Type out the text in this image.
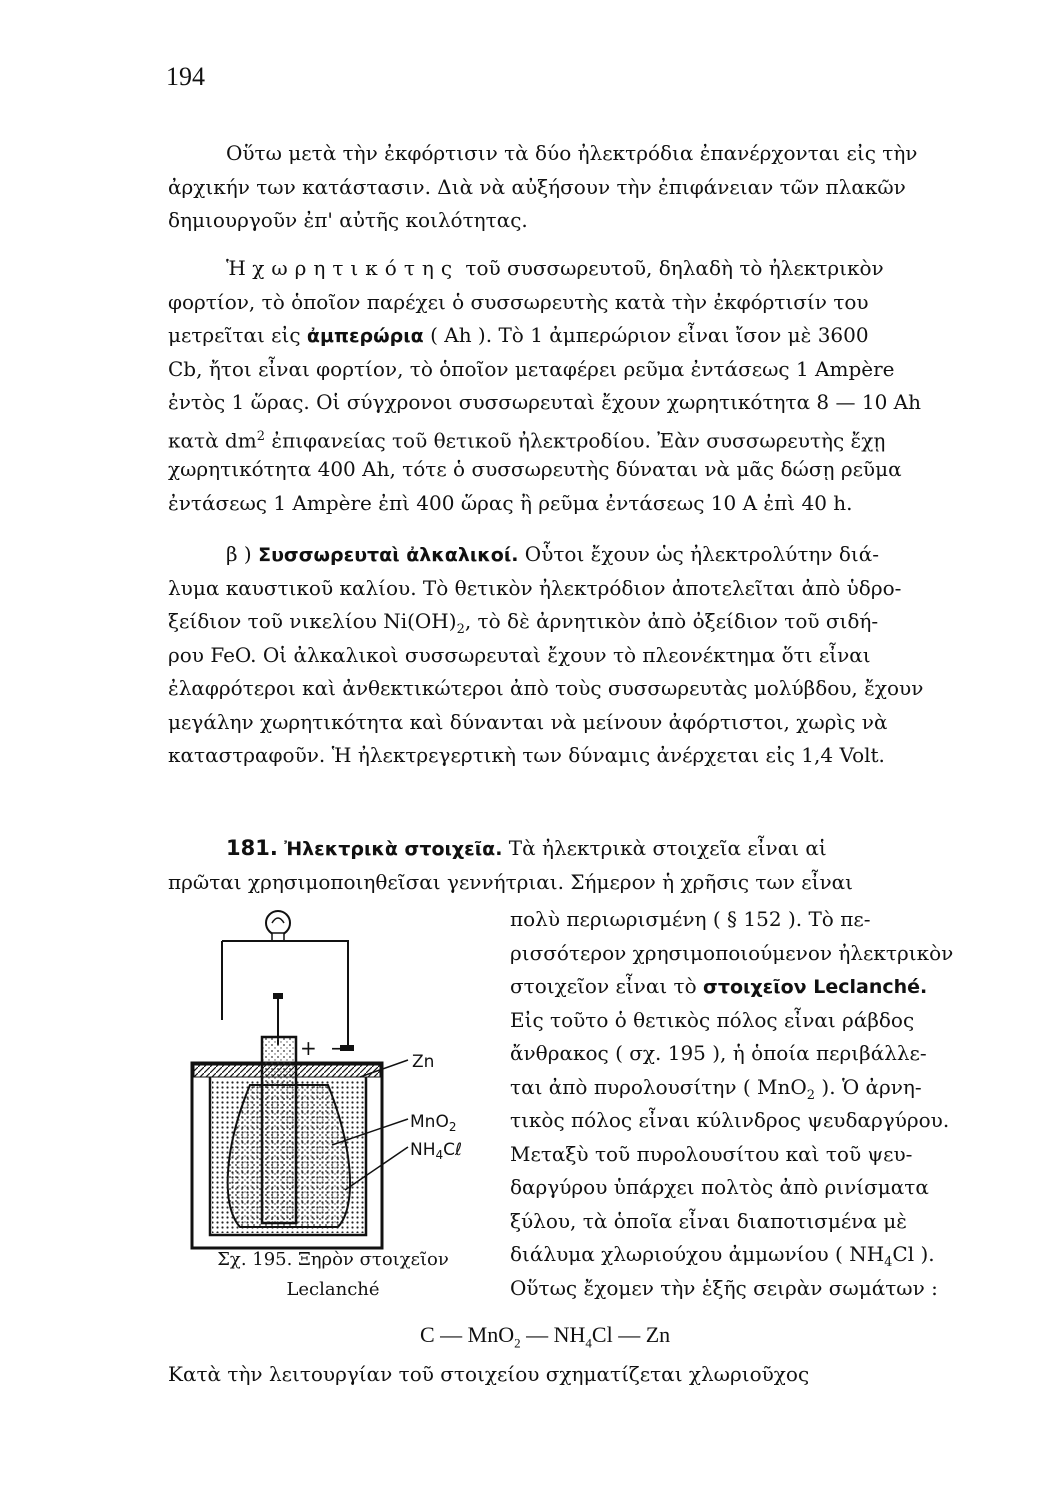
194
Οὕτω μετὰ τὴν ἐκφόρτισιν τὰ δύο ἠλεκτρόδια ἐπανέρχονται εἰς τὴν
ἀρχικήν των κατάστασιν. Διὰ νὰ αὐξήσουν τὴν ἐπιφάνειαν τῶν πλακῶν
δημιουργοῦν ἐπ' αὐτῆς κοιλότητας.
Ἡ χωρητικότης τοῦ συσσωρευτοῦ, δηλαδὴ τὸ ἠλεκτρικὸν
φορτίον, τὸ ὁποῖον παρέχει ὁ συσσωρευτὴς κατὰ τὴν ἐκφόρτισίν του
μετρεῖται εἰς ἀμπερώρια ( Ah ). Τὸ 1 ἀμπερώριον εἶναι ἴσον μὲ 3600
Cb, ἤτοι εἶναι φορτίον, τὸ ὁποῖον μεταφέρει ρεῦμα ἐντάσεως 1 Ampère
ἐντὸς 1 ὥρας. Οἱ σύγχρονοι συσσωρευταὶ ἔχουν χωρητικότητα 8 — 10 Ah
κατὰ $dm^2$ ἐπιφανείας τοῦ θετικοῦ ἠλεκτροδίου. Ἐὰν συσσωρευτὴς ἔχῃ
χωρητικότητα 400 Ah, τότε ὁ συσσωρευτὴς δύναται νὰ μᾶς δώσῃ ρεῦμα
ἐντάσεως 1 Ampère ἐπὶ 400 ὥρας ἢ ρεῦμα ἐντάσεως 10 A ἐπὶ 40 h.
β ) Συσσωρευταὶ ἀλκαλικοί. Οὗτοι ἔχουν ὡς ἠλεκτρολύτην διά-
λυμα καυστικοῦ καλίου. Τὸ θετικὸν ἠλεκτρόδιον ἀποτελεῖται ἀπὸ ὑδρο-
ξείδιον τοῦ νικελίου $Ni(OH)_2$, τὸ δὲ ἀρνητικὸν ἀπὸ ὀξείδιον τοῦ σιδή-
ρου FeO. Οἱ ἀλκαλικοὶ συσσωρευταὶ ἔχουν τὸ πλεονέκτημα ὅτι εἶναι
ἐλαφρότεροι καὶ ἀνθεκτικώτεροι ἀπὸ τοὺς συσσωρευτὰς μολύβδου, ἔχουν
μεγάλην χωρητικότητα καὶ δύνανται νὰ μείνουν ἀφόρτιστοι, χωρὶς νὰ
καταστραφοῦν. Ἡ ἠλεκτρεγερτικὴ των δύναμις ἀνέρχεται εἰς 1,4 Volt.
181. Ἠλεκτρικὰ στοιχεῖα. Τὰ ἠλεκτρικὰ στοιχεῖα εἶναι αἱ
πρῶται χρησιμοποιηθεῖσαι γεννήτριαι. Σήμερον ἡ χρῆσις των εἶναι
+ −
Zn
MnO$_2$
$NH_4C\ell$
Σχ. 195. Ξηρὸν στοιχεῖον
Leclanché
πολὺ περιωρισμένη ( § 152 ). Τὸ πε-
ρισσότερον χρησιμοποιούμενον ἠλεκτρικὸν
στοιχεῖον εἶναι τὸ στοιχεῖον Leclanché.
Εἰς τοῦτο ὁ θετικὸς πόλος εἶναι ράβδος
ἄνθρακος ( σχ. 195 ), ἡ ὁποία περιβάλλε-
ται ἀπὸ πυρολουσίτην ( MnO$_2$ ). Ὁ ἀρνη-
τικὸς πόλος εἶναι κύλινδρος ψευδαργύρου.
Μεταξὺ τοῦ πυρολουσίτου καὶ τοῦ ψευ-
δαργύρου ὑπάρχει πολτὸς ἀπὸ ρινίσματα
ξύλου, τὰ ὁποῖα εἶναι διαποτισμένα μὲ
διάλυμα χλωριούχου ἀμμωνίου ( $NH_4Cl$ ).
Οὕτως ἔχομεν τὴν ἑξῆς σειρὰν σωμάτων :
C — MnO$_2$ — $NH_4Cl$ — Zn
Κατὰ τὴν λειτουργίαν τοῦ στοιχείου σχηματίζεται χλωριοῦχος
